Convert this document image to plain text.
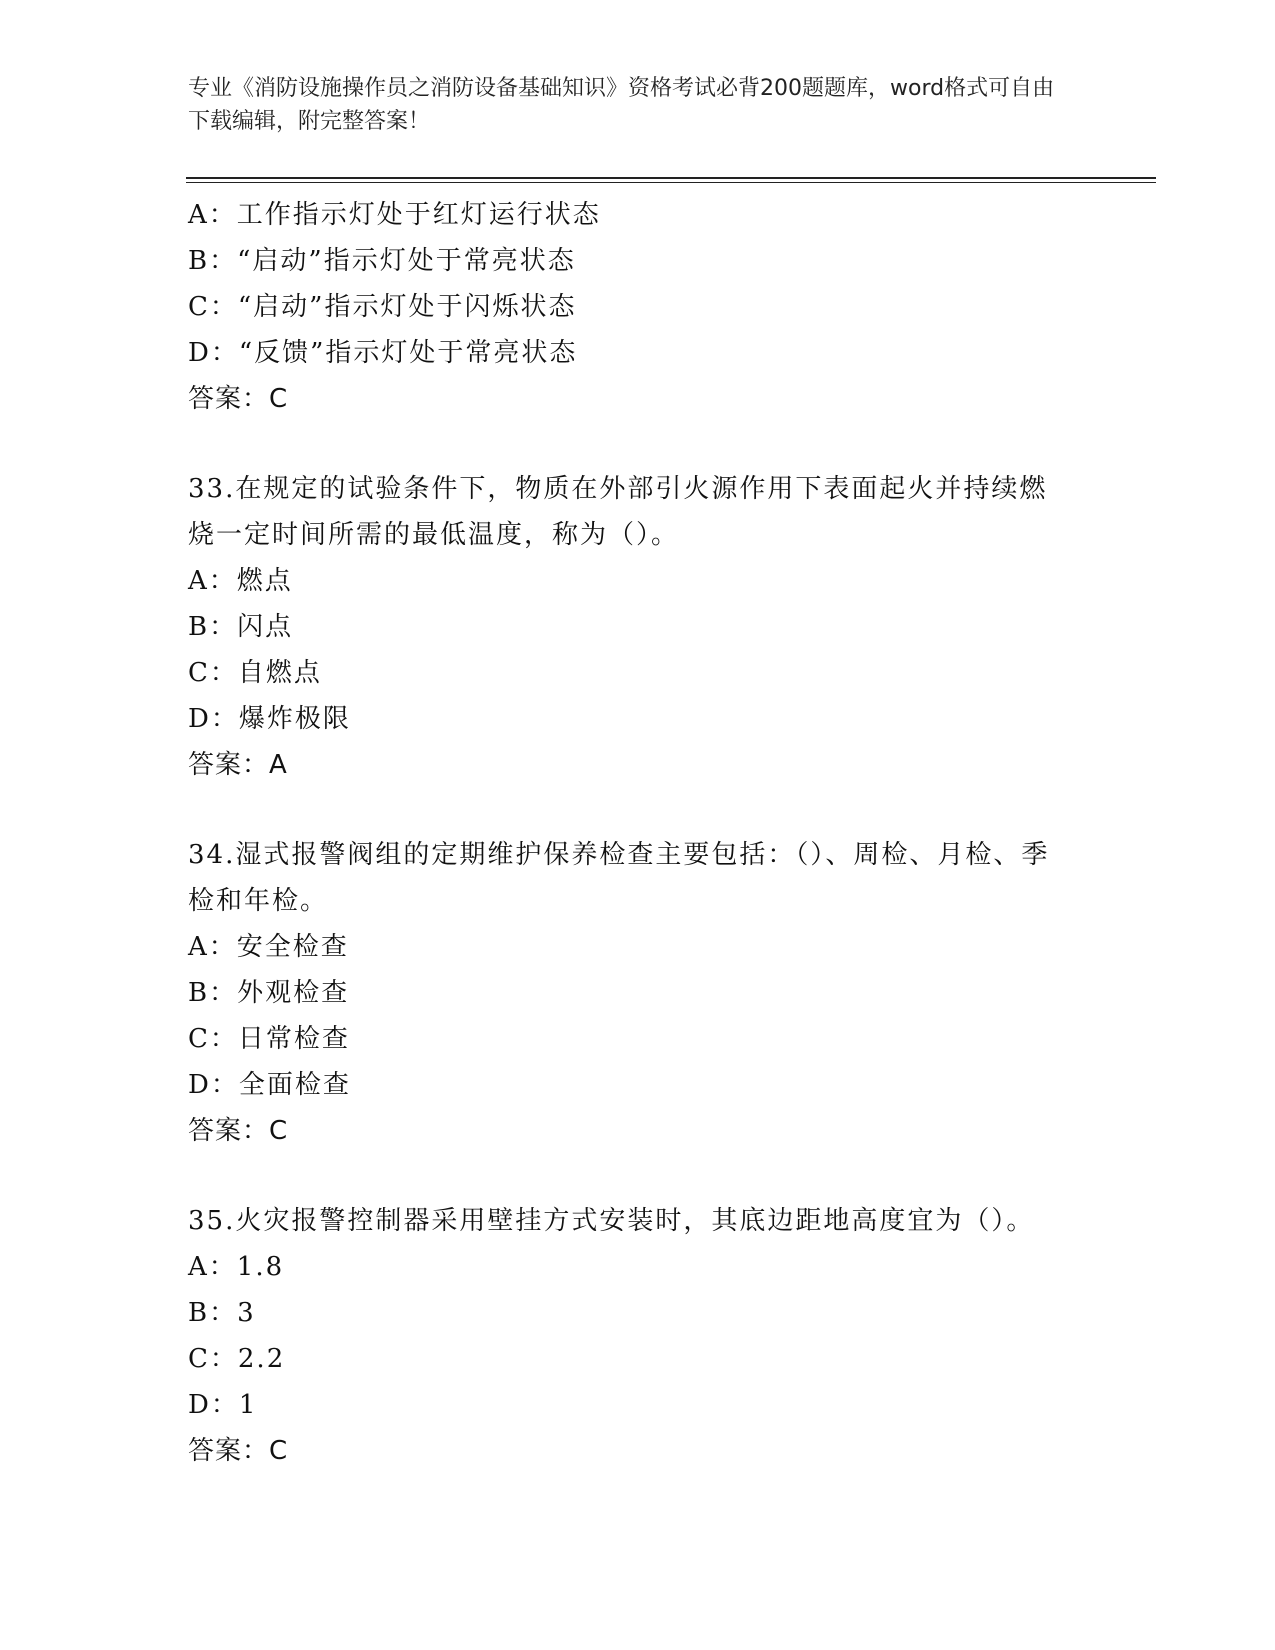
专业《消防设施操作员之消防设备基础知识》资格考试必背200题题库，word格式可自由下载编辑，附完整答案！
A：工作指示灯处于红灯运行状态
B：“启动”指示灯处于常亮状态
C：“启动”指示灯处于闪烁状态
D：“反馈”指示灯处于常亮状态
答案：C
33.在规定的试验条件下，物质在外部引火源作用下表面起火并持续燃烧一定时间所需的最低温度，称为（）。
A：燃点
B：闪点
C：自燃点
D：爆炸极限
答案：A
34.湿式报警阀组的定期维护保养检查主要包括：（）、周检、月检、季检和年检。
A：安全检查
B：外观检查
C：日常检查
D：全面检查
答案：C
35.火灾报警控制器采用壁挂方式安装时，其底边距地高度宜为（）。
A：1.8
B：3
C：2.2
D：1
答案：C
